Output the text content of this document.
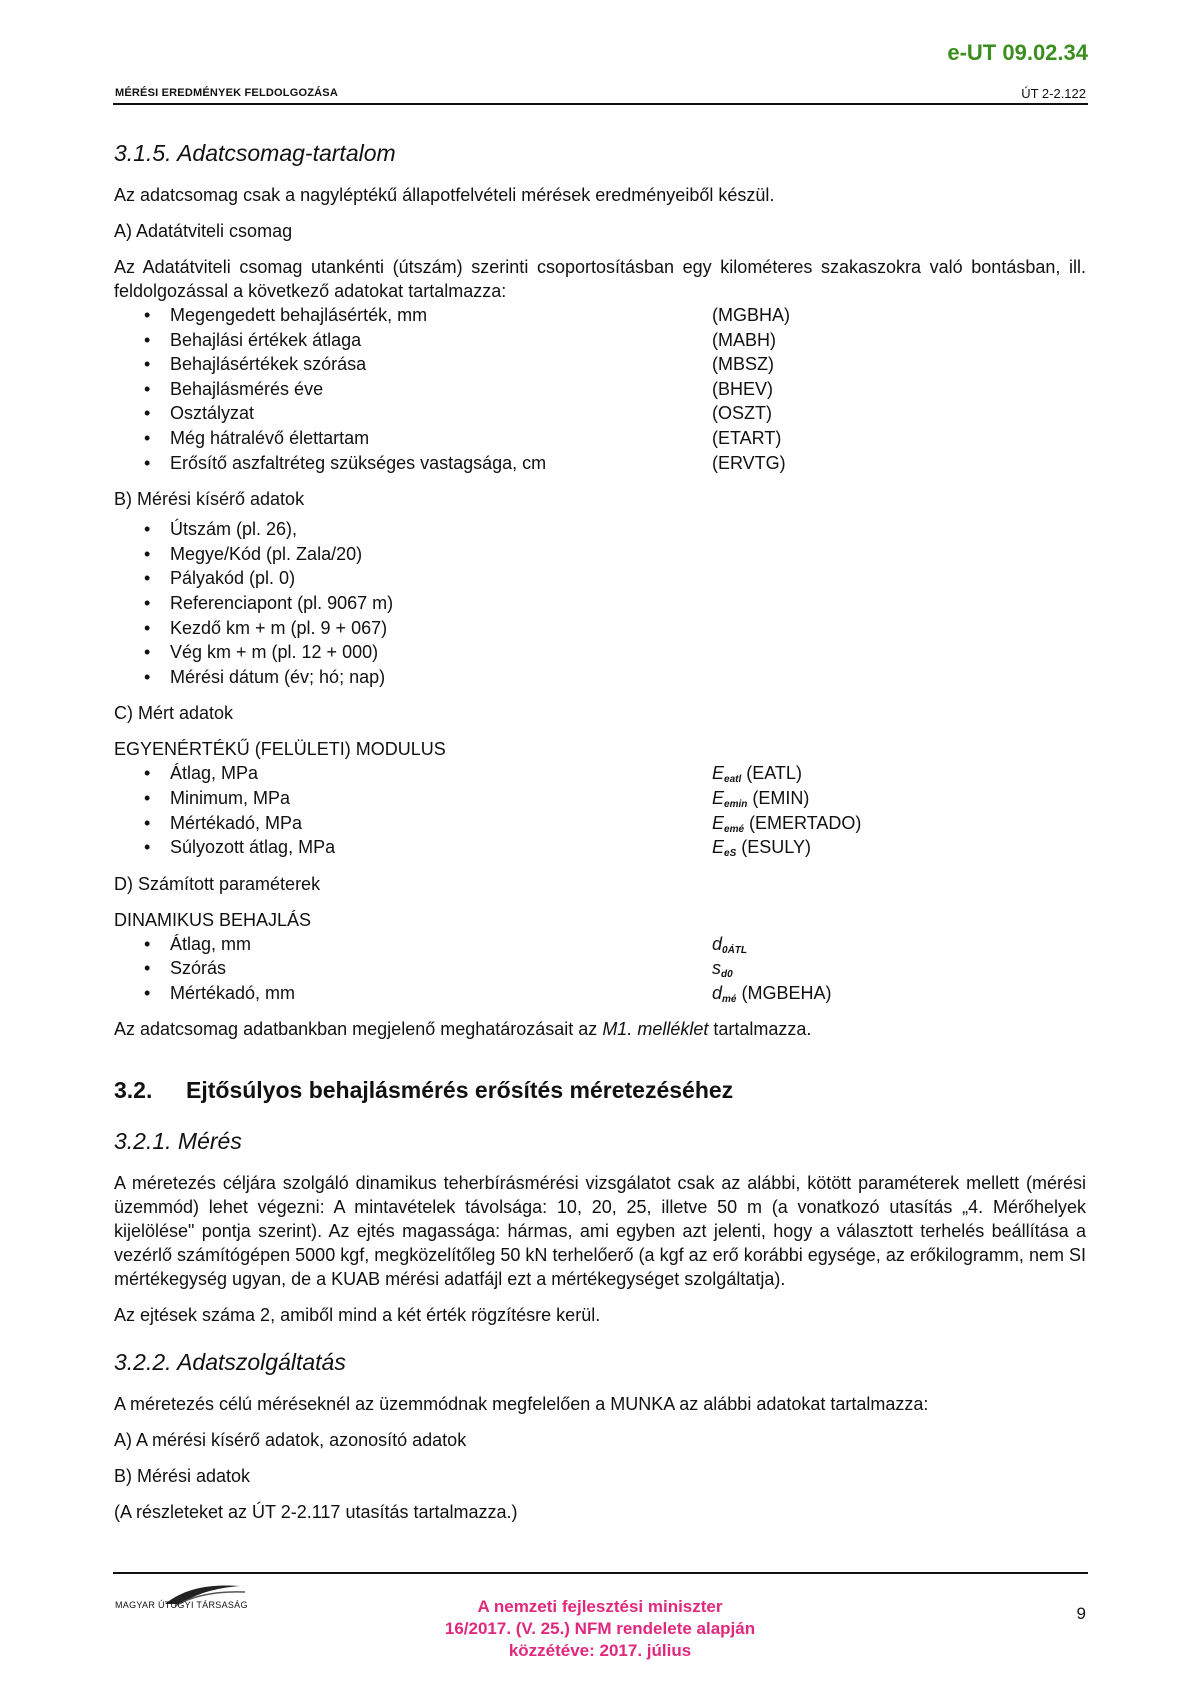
e-UT 09.02.34
MÉRÉSI EREDMÉNYEK FELDOLGOZÁSA	ÚT 2-2.122
3.1.5. Adatcsomag-tartalom

Az adatcsomag csak a nagyléptékű állapotfelvételi mérések eredményeiből készül.

A) Adatátviteli csomag

Az Adatátviteli csomag utankénti (útszám) szerinti csoportosításban egy kilométeres szakaszokra való bontásban, ill. feldolgozással a következő adatokat tartalmazza:

• Megengedett behajlásérték, mm	(MGBHA)
• Behajlási értékek átlaga	(MABH)
• Behajlásértékek szórása	(MBSZ)
• Behajlásmérés éve	(BHEV)
• Osztályzat	(OSZT)
• Még hátralévő élettartam	(ETART)
• Erősítő aszfaltréteg szükséges vastagsága, cm	(ERVTG)
B) Mérési kísérő adatok
• Útszám (pl. 26),
• Megye/Kód (pl. Zala/20)
• Pályakód (pl. 0)
• Referenciapont (pl. 9067 m)
• Kezdő km + m (pl. 9 + 067)
• Vég km + m (pl. 12 + 000)
• Mérési dátum (év; hó; nap)

C) Mért adatok

EGYENÉRTÉKŰ (FELÜLETI) MODULUS
• Átlag, MPa	Eeatl (EATL)
• Minimum, MPa	Eemin (EMIN)
• Mértékadó, MPa	Eemé (EMERTADO)
• Súlyozott átlag, MPa	EeS (ESULY)

D) Számított paraméterek

DINAMIKUS BEHAJLÁS
• Átlag, mm	d0ÁTL
• Szórás	sd0
• Mértékadó, mm	dmé (MGBEHA)

Az adatcsomag adatbankban megjelenő meghatározásait az M1. melléklet tartalmazza.

3.2. Ejtősúlyos behajlásmérés erősítés méretezéséhez
3.2.1. Mérés

A méretezés céljára szolgáló dinamikus teherbírásmérési vizsgálatot csak az alábbi, kötött paraméterek mellett (mérési üzemmód) lehet végezni: A mintavételek távolsága: 10, 20, 25, illetve 50 m (a vonatkozó utasítás „4. Mérőhelyek kijelölése" pontja szerint). Az ejtés magassága: hármas, ami egyben azt jelenti, hogy a választott terhelés beállítása a vezérlő számítógépen 5000 kgf, megközelítőleg 50 kN terhelőerő (a kgf az erő korábbi egysége, az erőkilogramm, nem SI mértékegység ugyan, de a KUAB mérési adatfájl ezt a mértékegységet szolgáltatja).

Az ejtések száma 2, amiből mind a két érték rögzítésre kerül.

3.2.2. Adatszolgáltatás

A méretezés célú méréseknél az üzemmódnak megfelelően a MUNKA az alábbi adatokat tartalmazza:

A) A mérési kísérő adatok, azonosító adatok

B) Mérési adatok

(A részleteket az ÚT 2-2.117 utasítás tartalmazza.)

MAGYAR ÚTÜGYI TÁRSASÁG	A nemzeti fejlesztési miniszter
16/2017. (V. 25.) NFM rendelete alapján
közzétéve: 2017. július
9
